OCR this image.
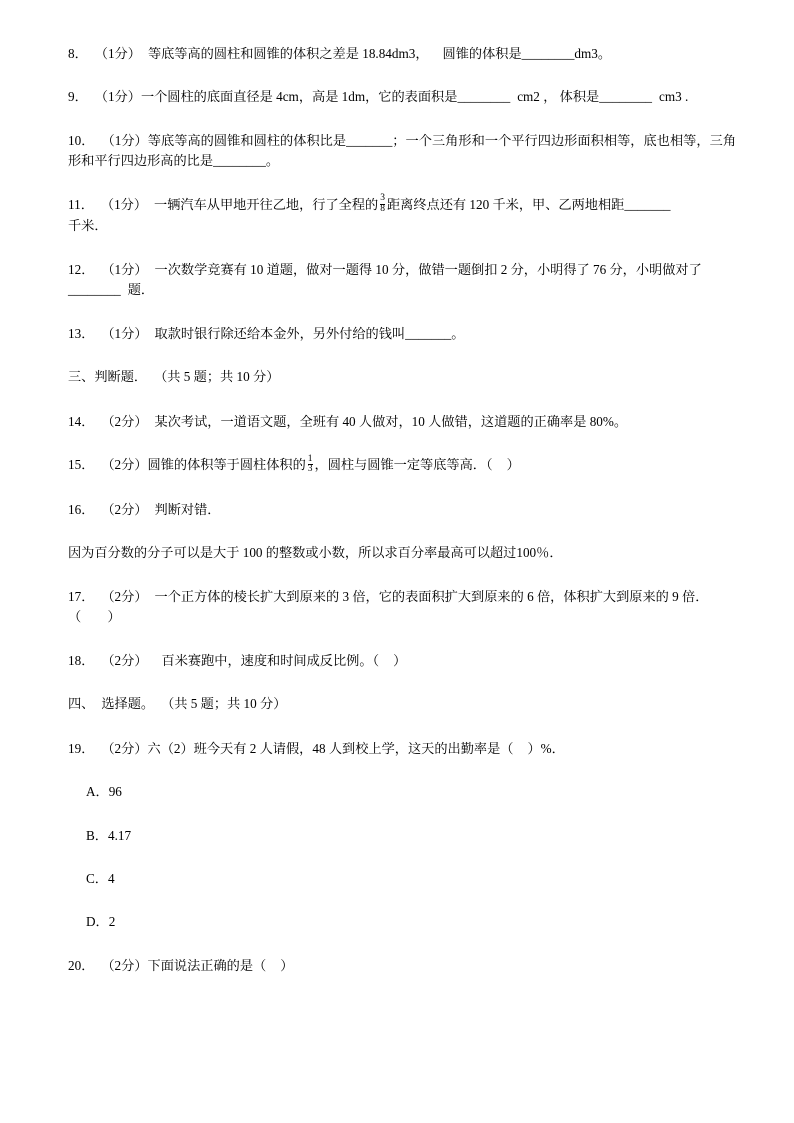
8． （1分） 等底等高的圆柱和圆锥的体积之差是 18.84dm3， 圆锥的体积是________dm3。

9． （1分）一个圆柱的底面直径是 4cm，高是 1dm，它的表面积是________ cm2 ， 体积是________ cm3 .

10． （1分）等底等高的圆锥和圆柱的体积比是_______；一个三角形和一个平行四边形面积相等，底也相等，三角形和平行四边形高的比是________。

11． （1分） 一辆汽车从甲地开往乙地，行了全程的 $\frac{3}{8}$ 距离终点还有 120 千米，甲、乙两地相距_______
千米．

12． （1分） 一次数学竞赛有 10 道题，做对一题得 10 分，做错一题倒扣 2 分，小明得了 76 分，小明做对了
________ 题．

13． （1分） 取款时银行除还给本金外，另外付给的钱叫_______。

三、判断题． （共 5 题；共 10 分）

14． （2分） 某次考试，一道语文题，全班有 40 人做对，10 人做错，这道题的正确率是 80%。

15． （2分）圆锥的体积等于圆柱体积的 $\frac{1}{3}$ ，圆柱与圆锥一定等底等高．（ ）

16． （2分） 判断对错．

因为百分数的分子可以是大于 100 的整数或小数，所以求百分率最高可以超过100％．

17． （2分） 一个正方体的棱长扩大到原来的 3 倍，它的表面积扩大到原来的 6 倍，体积扩大到原来的 9 倍．
（　　）

18． （2分） 百米赛跑中，速度和时间成反比例。（ ）

四、 选择题。 （共 5 题；共 10 分）

19． （2分）六（2）班今天有 2 人请假，48 人到校上学，这天的出勤率是（ ）%．

A．96

B．4.17

C．4

D．2

20． （2分）下面说法正确的是（ ）
